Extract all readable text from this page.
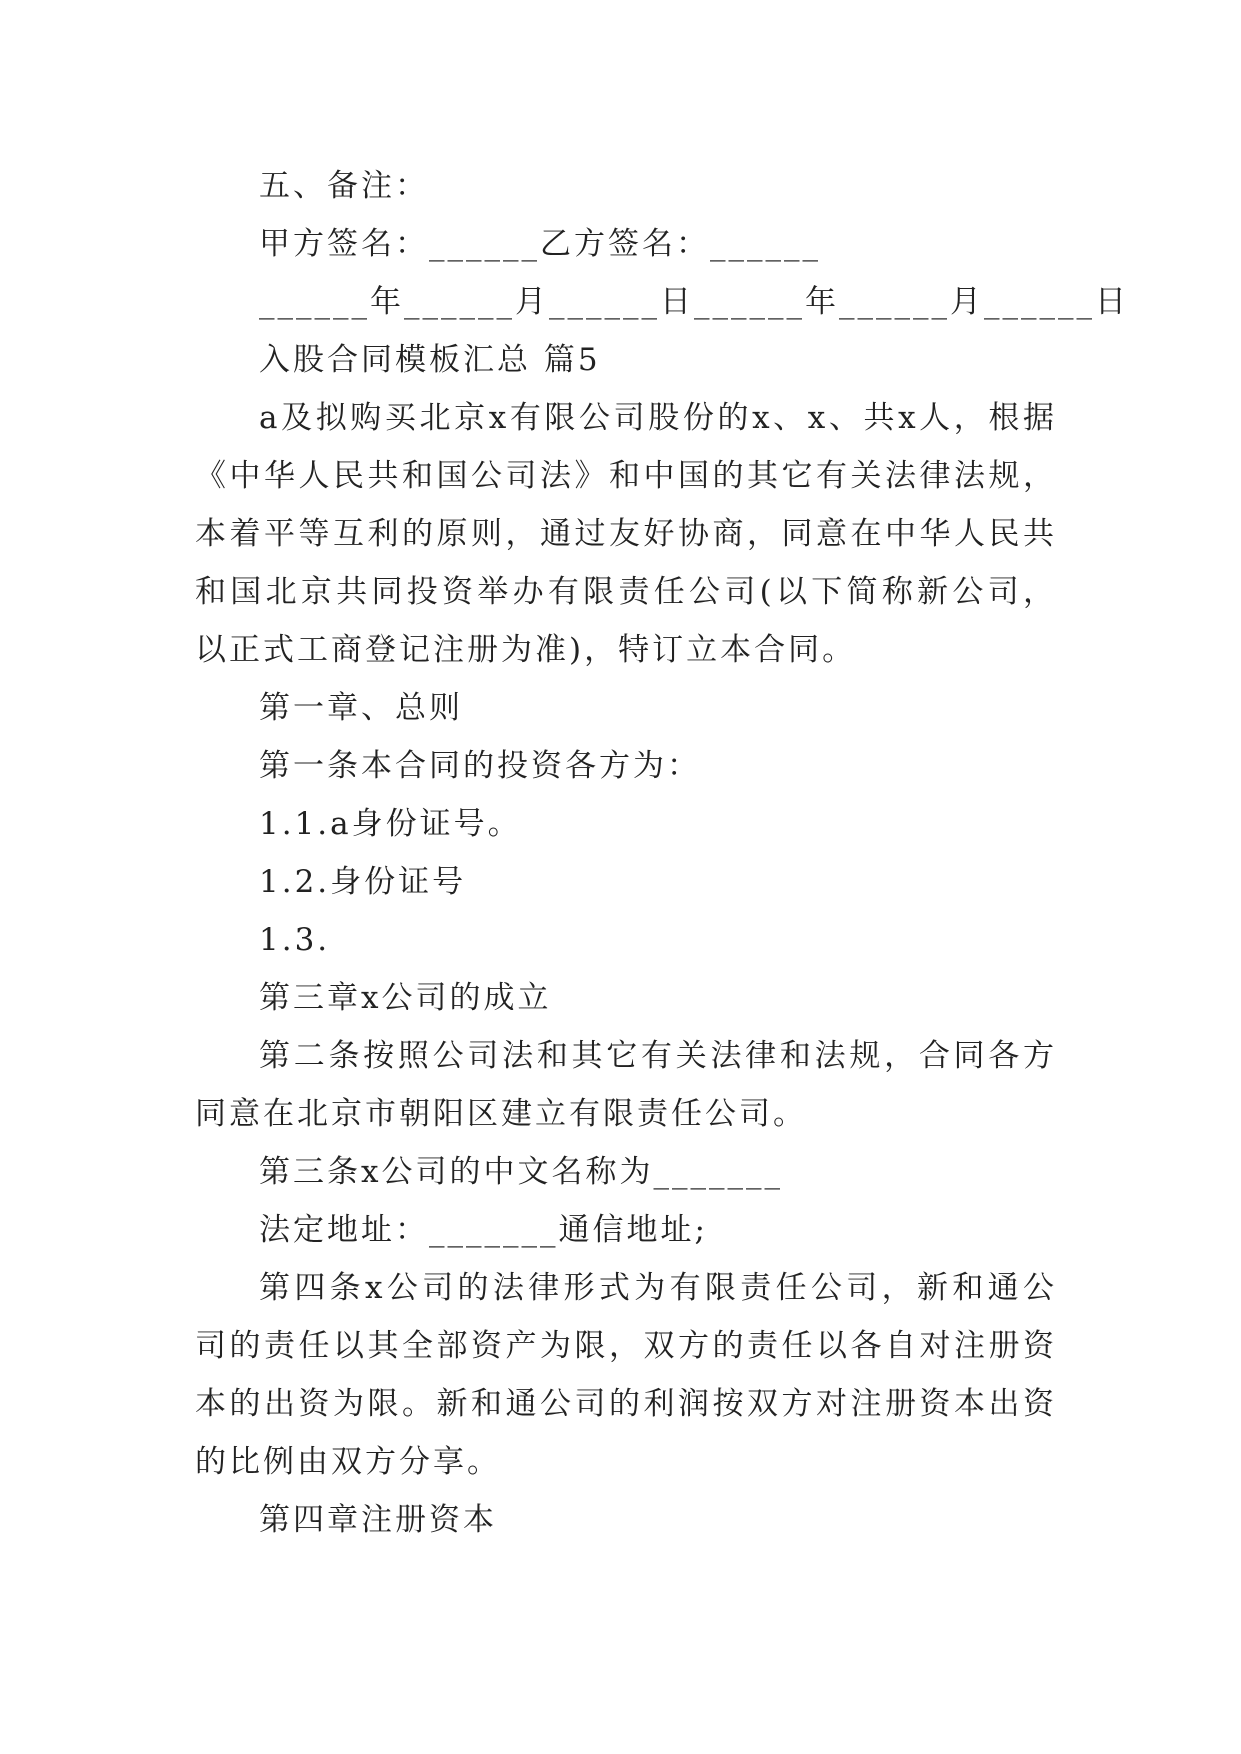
五、备注：

甲方签名：______乙方签名：______

______年______月______日______年______月______日

入股合同模板汇总 篇5

a及拟购买北京x有限公司股份的x、x、共x人，根据《中华人民共和国公司法》和中国的其它有关法律法规，本着平等互利的原则，通过友好协商，同意在中华人民共和国北京共同投资举办有限责任公司(以下简称新公司，以正式工商登记注册为准)，特订立本合同。

第一章、总则

第一条本合同的投资各方为：

1.1.a身份证号。

1.2.身份证号

1.3.

第三章x公司的成立

第二条按照公司法和其它有关法律和法规，合同各方同意在北京市朝阳区建立有限责任公司。

第三条x公司的中文名称为_______

法定地址：_______通信地址;

第四条x公司的法律形式为有限责任公司，新和通公司的责任以其全部资产为限，双方的责任以各自对注册资本的出资为限。新和通公司的利润按双方对注册资本出资的比例由双方分享。

第四章注册资本
